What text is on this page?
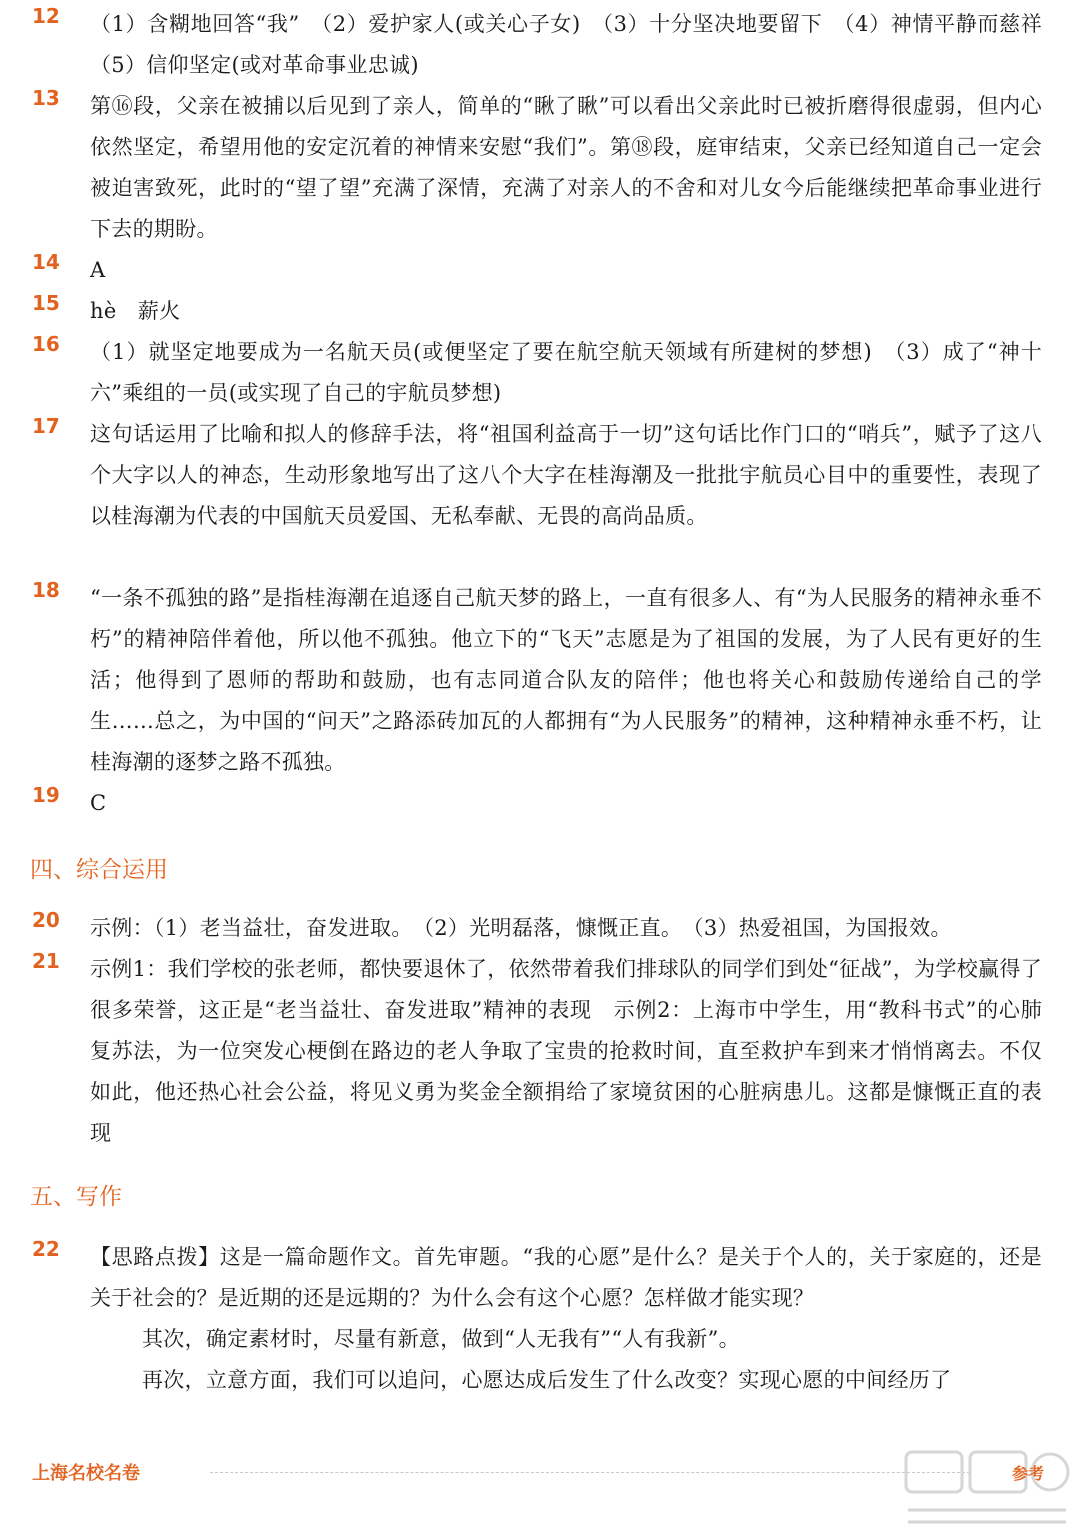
12	（1）含糊地回答“我”　（2）爱护家人(或关心子女)　（3）十分坚决地要留下　（4）神情平静而慈祥　（5）信仰坚定(或对革命事业忠诚)
13	第⑯段，父亲在被捕以后见到了亲人，简单的“瞅了瞅”可以看出父亲此时已被折磨得很虚弱，但内心依然坚定，希望用他的安定沉着的神情来安慰“我们”。第⑱段，庭审结束，父亲已经知道自己一定会被迫害致死，此时的“望了望”充满了深情，充满了对亲人的不舍和对儿女今后能继续把革命事业进行下去的期盼。
14	A
15	hè　薪火
16	（1）就坚定地要成为一名航天员(或便坚定了要在航空航天领域有所建树的梦想)　（3）成了“神十六”乘组的一员(或实现了自己的宇航员梦想)
17	这句话运用了比喻和拟人的修辞手法，将“祖国利益高于一切”这句话比作门口的“哨兵”，赋予了这八个大字以人的神态，生动形象地写出了这八个大字在桂海潮及一批批宇航员心目中的重要性，表现了以桂海潮为代表的中国航天员爱国、无私奉献、无畏的高尚品质。
18	“一条不孤独的路”是指桂海潮在追逐自己航天梦的路上，一直有很多人、有“为人民服务的精神永垂不朽”的精神陪伴着他，所以他不孤独。他立下的“飞天”志愿是为了祖国的发展，为了人民有更好的生活；他得到了恩师的帮助和鼓励，也有志同道合队友的陪伴；他也将关心和鼓励传递给自己的学生……总之，为中国的“问天”之路添砖加瓦的人都拥有“为人民服务”的精神，这种精神永垂不朽，让桂海潮的逐梦之路不孤独。
19	C
四、综合运用
20	示例：（1）老当益壮，奋发进取。　（2）光明磊落，慷慨正直。　（3）热爱祖国，为国报效。
21	示例1：我们学校的张老师，都快要退休了，依然带着我们排球队的同学们到处“征战”，为学校赢得了很多荣誉，这正是“老当益壮、奋发进取”精神的表现　示例2：上海市中学生，用“教科书式”的心肺复苏法，为一位突发心梗倒在路边的老人争取了宝贵的抢救时间，直至救护车到来才悄悄离去。不仅如此，他还热心社会公益，将见义勇为奖金全额捐给了家境贫困的心脏病患儿。这都是慷慨正直的表现
五、写作
22	【思路点拨】这是一篇命题作文。首先审题。“我的心愿”是什么？是关于个人的，关于家庭的，还是关于社会的？是近期的还是远期的？为什么会有这个心愿？怎样做才能实现？
其次，确定素材时，尽量有新意，做到“人无我有”“人有我新”。
再次，立意方面，我们可以追问，心愿达成后发生了什么改变？实现心愿的中间经历了
上海名校名卷	参考
